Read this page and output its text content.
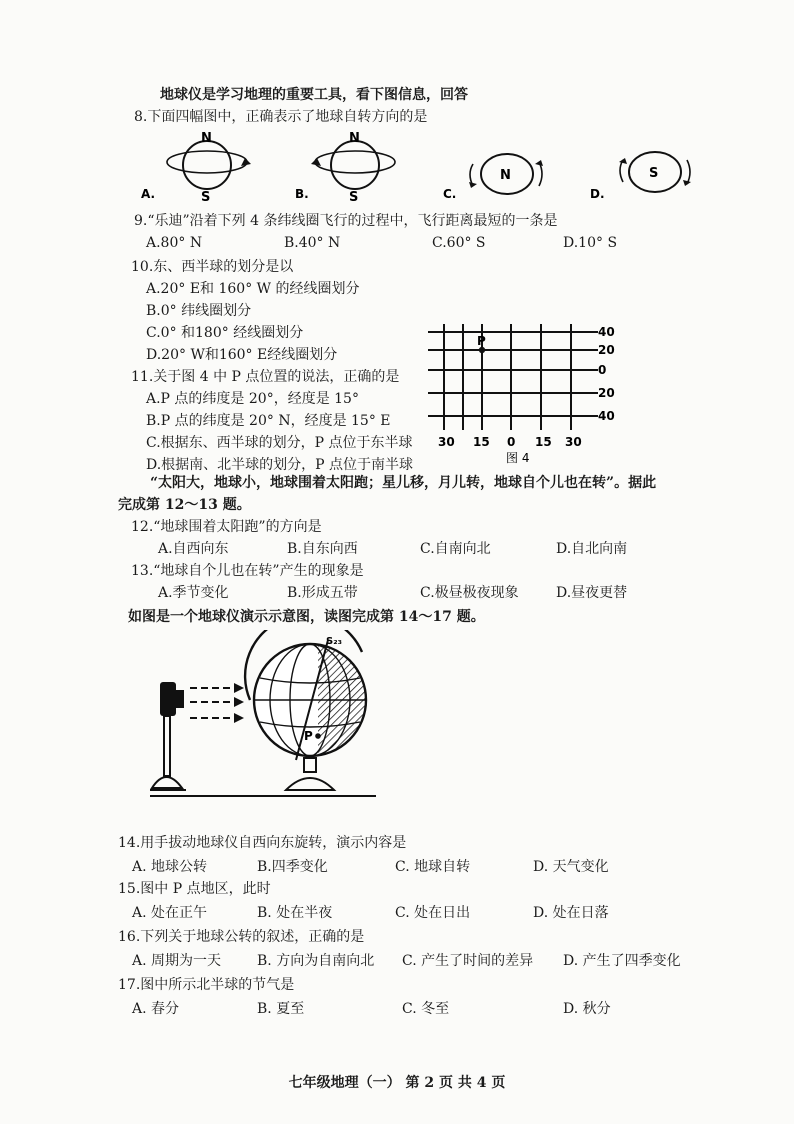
地球仪是学习地理的重要工具，看下图信息，回答
8.下面四幅图中，正确表示了地球自转方向的是
A.
N
S	B.
N
S	C.
N
D.
S
9.“乐迪”沿着下列 4 条纬线圈飞行的过程中，飞行距离最短的一条是
A.80° N	B.40° N	C.60° S	D.10° S
10.东、西半球的划分是以
A.20° E和 160° W 的经线圈划分
B.0° 纬线圈划分
C.0° 和180° 经线圈划分
D.20° W和160° E经线圈划分
11.关于图 4 中 P 点位置的说法，正确的是
A.P 点的纬度是 20°，经度是 15°
B.P 点的纬度是 20° N，经度是 15° E
C.根据东、西半球的划分，P 点位于东半球
D.根据南、北半球的划分，P 点位于南半球
P
40
20
0
20
40
30 15 0 15 30
图 4
“太阳大，地球小，地球围着太阳跑；星儿移，月儿转，地球自个儿也在转”。据此
完成第 12～13 题。
12.“地球围着太阳跑”的方向是
A.自西向东	B.自东向西	C.自南向北	D.自北向南
13.“地球自个儿也在转”产生的现象是
A.季节变化	B.形成五带	C.极昼极夜现象	D.昼夜更替
如图是一个地球仪演示示意图，读图完成第 14～17 题。
S₂₃
P
14.用手拔动地球仪自西向东旋转，演示内容是
A. 地球公转	B.四季变化	C. 地球自转	D. 天气变化
15.图中 P 点地区，此时
A. 处在正午	B. 处在半夜	C. 处在日出	D. 处在日落
16.下列关于地球公转的叙述，正确的是
A. 周期为一天	B. 方向为自南向北 C. 产生了时间的差异 D. 产生了四季变化
17.图中所示北半球的节气是
A. 春分	B. 夏至	C. 冬至	D. 秋分
七年级地理（一） 第 2 页 共 4 页
